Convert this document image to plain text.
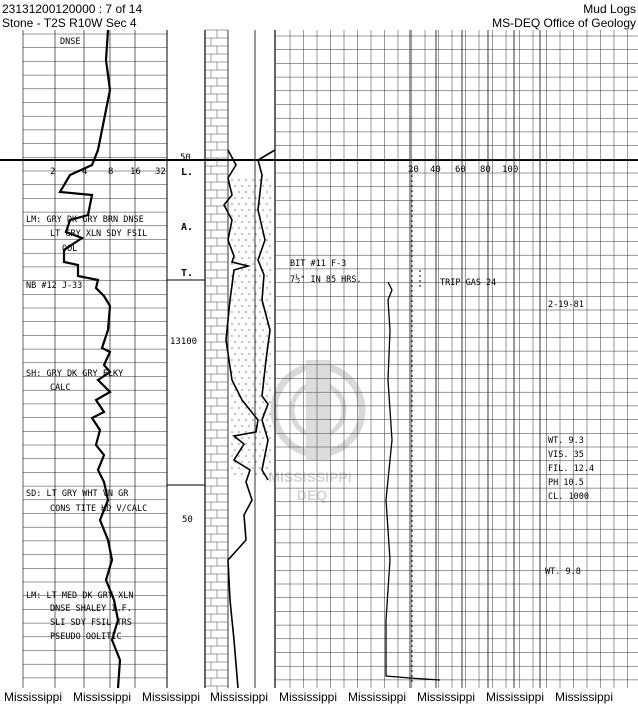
23131200120000 : 7 of 14
Stone - T2S R10W Sec 4
Mud Logs
MS-DEQ Office of Geology
MISSISSIPPI
DEQ
2	4 8 16 32	20 40 60 80 100
50
13100
50
L.
A.
T.
DNSE
LM: GRY DK GRY BRN DNSE
LT GRY XLN SDY FSIL
OOL
NB #12 J-33
SH: GRY DK GRY FLKY
CALC
SD: LT GRY WHT VN GR
CONS TITE HD V/CALC
LM: LT MED DK GRY XLN
DNSE SHALEY I.F.
SLI SDY FSIL TRS
PSEUDO OOLITIC
BIT #11 F-3
7½" IN 85 HRS.	TRIP GAS 24
2-19-81
WT. 9.3
VIS. 35
FIL. 12.4
PH 10.5
CL. 1000
WT. 9.8
Mississippi Mississippi Mississippi Mississippi Mississippi Mississippi Mississippi Mississippi Mississippi
